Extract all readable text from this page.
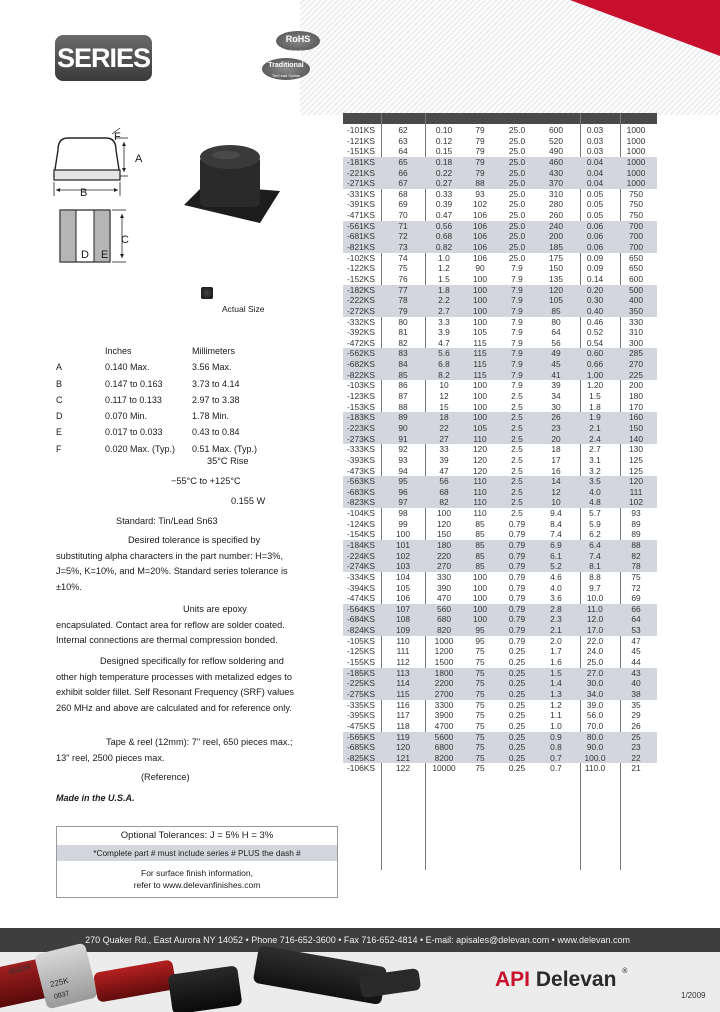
SERIES
RoHS
Compliant
Traditional
Tin/Lead Option
-101KS	62	0.10	79	25.0	600	0.03	1000
-121KS	63	0.12	79	25.0	520	0.03	1000
-151KS	64	0.15	79	25.0	490	0.03	1000
-181KS	65	0.18	79	25.0	460	0.04	1000
-221KS	66	0.22	79	25.0	430	0.04	1000
-271KS	67	0.27	88	25.0	370	0.04	1000
-331KS	68	0.33	93	25.0	310	0.05	750
-391KS	69	0.39	102	25.0	280	0.05	750
-471KS	70	0.47	106	25.0	260	0.05	750
-561KS	71	0.56	106	25.0	240	0.06	700
-681KS	72	0.68	106	25.0	200	0.06	700
-821KS	73	0.82	106	25.0	185	0.06	700
-102KS	74	1.0	106	25.0	175	0.09	650
-122KS	75	1.2	90	7.9	150	0.09	650
-152KS	76	1.5	100	7.9	135	0.14	600
-182KS	77	1.8	100	7.9	120	0.20	500
-222KS	78	2.2	100	7.9	105	0.30	400
-272KS	79	2.7	100	7.9	85	0.40	350
-332KS	80	3.3	100	7.9	80	0.46	330
-392KS	81	3.9	105	7.9	64	0.52	310
-472KS	82	4.7	115	7.9	56	0.54	300
-562KS	83	5.6	115	7.9	49	0.60	285
-682KS	84	6.8	115	7.9	45	0.66	270
-822KS	85	8.2	115	7.9	41	1.00	225
-103KS	86	10	100	7.9	39	1.20	200
-123KS	87	12	100	2.5	34	1.5	180
-153KS	88	15	100	2.5	30	1.8	170
-183KS	89	18	100	2.5	26	1.9	160
-223KS	90	22	105	2.5	23	2.1	150
-273KS	91	27	110	2.5	20	2.4	140
-333KS	92	33	120	2.5	18	2.7	130
-393KS	93	39	120	2.5	17	3.1	125
-473KS	94	47	120	2.5	16	3.2	125
-563KS	95	56	110	2.5	14	3.5	120
-683KS	96	68	110	2.5	12	4.0	111
-823KS	97	82	110	2.5	10	4.8	102
-104KS	98	100	110	2.5	9.4	5.7	93
-124KS	99	120	85	0.79	8.4	5.9	89
-154KS	100	150	85	0.79	7.4	6.2	89
-184KS	101	180	85	0.79	6.9	6.4	88
-224KS	102	220	85	0.79	6.1	7.4	82
-274KS	103	270	85	0.79	5.2	8.1	78
-334KS	104	330	100	0.79	4.6	8.8	75
-394KS	105	390	100	0.79	4.0	9.7	72
-474KS	106	470	100	0.79	3.6	10.0	69
-564KS	107	560	100	0.79	2.8	11.0	66
-684KS	108	680	100	0.79	2.3	12.0	64
-824KS	109	820	95	0.79	2.1	17.0	53
-105KS	110	1000	95	0.79	2.0	22.0	47
-125KS	111	1200	75	0.25	1.7	24.0	45
-155KS	112	1500	75	0.25	1.6	25.0	44
-185KS	113	1800	75	0.25	1.5	27.0	43
-225KS	114	2200	75	0.25	1.4	30.0	40
-275KS	115	2700	75	0.25	1.3	34.0	38
-335KS	116	3300	75	0.25	1.2	39.0	35
-395KS	117	3900	75	0.25	1.1	56.0	29
-475KS	118	4700	75	0.25	1.0	70.0	26
-565KS	119	5600	75	0.25	0.9	80.0	25
-685KS	120	6800	75	0.25	0.8	90.0	23
-825KS	121	8200	75	0.25	0.7	100.0	22
-106KS	122	10000	75	0.25	0.7	110.0	21
F
A
B
C
D E
Actual Size
Inches	Millimeters
A	0.140 Max.	3.56 Max.
B	0.147 to 0.163	3.73 to 4.14
C	0.117 to 0.133	2.97 to 3.38
D	0.070 Min.	1.78 Min.
E	0.017 to 0.033	0.43 to 0.84
F	0.020 Max. (Typ.)	0.51 Max. (Typ.)
35°C Rise
−55°C to +125°C
0.155 W
Standard: Tin/Lead Sn63
Desired tolerance is specified by substituting alpha characters in the part number: H=3%, J=5%, K=10%, and M=20%. Standard series tolerance is ±10%.
Units are epoxy encapsulated. Contact area for reflow are solder coated. Internal connections are thermal compression bonded.
Designed specifically for reflow soldering and other high temperature processes with metalized edges to exhibit solder fillet. Self Resonant Frequency (SRF) values 260 MHz and above are calculated and for reference only.
Tape & reel (12mm): 7" reel, 650 pieces max.; 13" reel, 2500 pieces max.
(Reference)
Made in the U.S.A.
Optional Tolerances: J = 5% H = 3%
*Complete part # must include series # PLUS the dash #
For surface finish information,
refer to www.delevanfinishes.com
270 Quaker Rd., East Aurora NY 14052 • Phone 716-652-3600 • Fax 716-652-4814 • E-mail: apisales@delevan.com • www.delevan.com
4590R
225K
0837
API Delevan ®
1/2009
